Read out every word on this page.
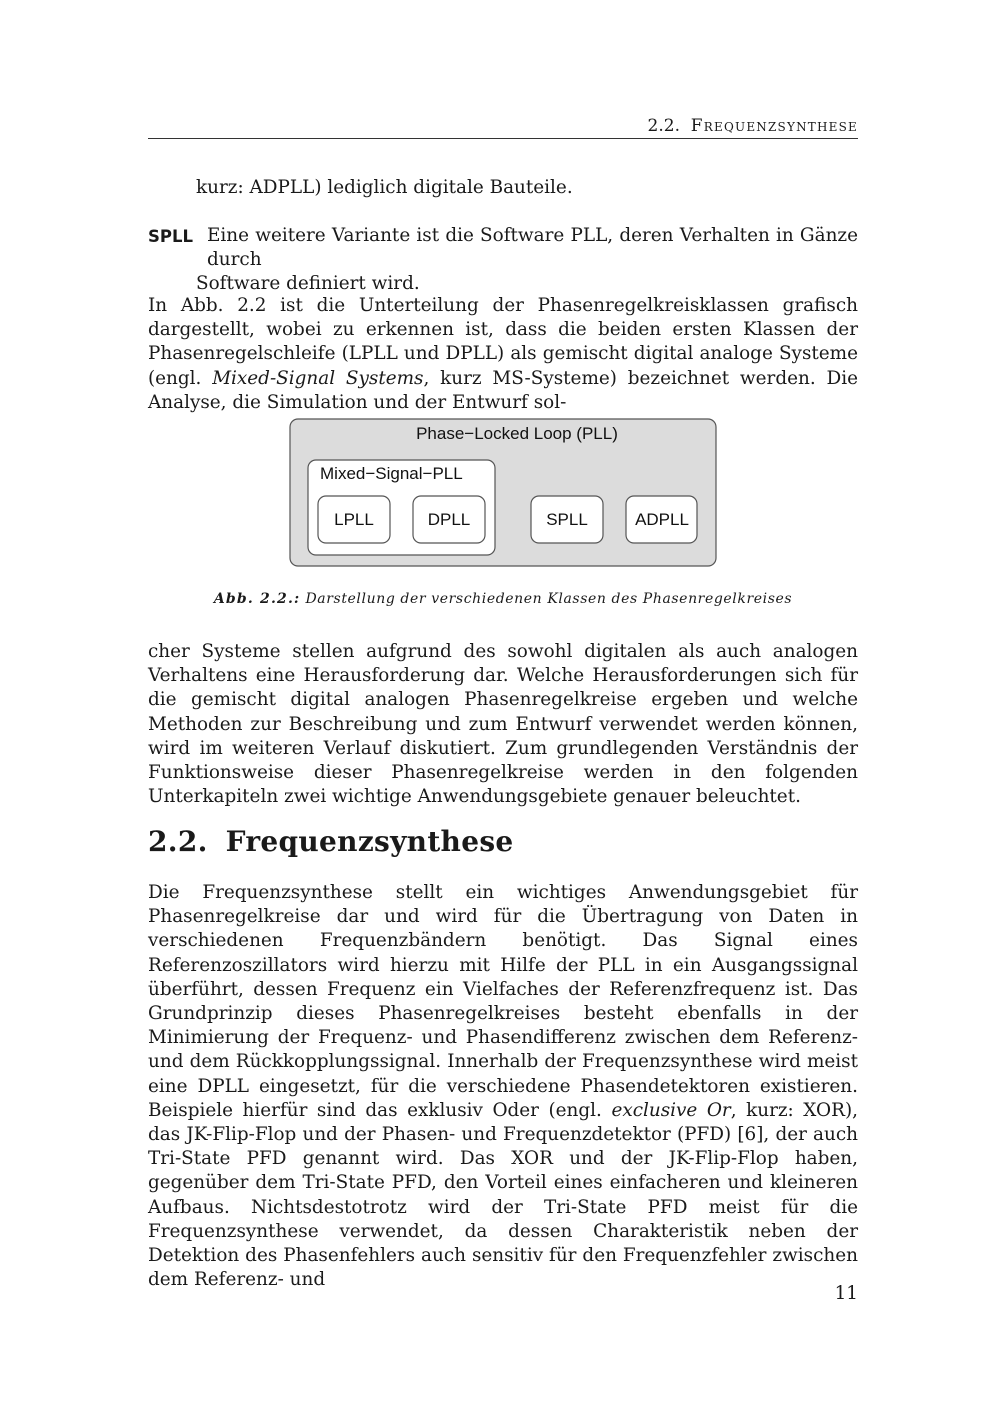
2.2. Frequenzsynthese
kurz: ADPLL) lediglich digitale Bauteile.
SPLL Eine weitere Variante ist die Software PLL, deren Verhalten in Gänze durch
Software definiert wird.

In Abb. 2.2 ist die Unterteilung der Phasenregelkreisklassen grafisch dargestellt, wobei zu erkennen ist, dass die beiden ersten Klassen der Phasenregelschleife (LPLL und DPLL) als gemischt digital analoge Systeme (engl. Mixed-Signal Systems, kurz MS-Systeme) bezeichnet werden. Die Analyse, die Simulation und der Entwurf sol-

Phase−Locked Loop (PLL)
Mixed−Signal−PLL
LPLL	DPLL	SPLL	ADPLL
Abb. 2.2.: Darstellung der verschiedenen Klassen des Phasenregelkreises

cher Systeme stellen aufgrund des sowohl digitalen als auch analogen Verhaltens eine Herausforderung dar. Welche Herausforderungen sich für die gemischt digital analogen Phasenregelkreise ergeben und welche Methoden zur Beschreibung und zum Entwurf verwendet werden können, wird im weiteren Verlauf diskutiert. Zum grundlegenden Verständnis der Funktionsweise dieser Phasenregelkreise werden in den folgenden Unterkapiteln zwei wichtige Anwendungsgebiete genauer beleuchtet.

2.2. Frequenzsynthese

Die Frequenzsynthese stellt ein wichtiges Anwendungsgebiet für Phasenregelkreise dar und wird für die Übertragung von Daten in verschiedenen Frequenzbändern benötigt. Das Signal eines Referenzoszillators wird hierzu mit Hilfe der PLL in ein Ausgangssignal überführt, dessen Frequenz ein Vielfaches der Referenzfrequenz ist. Das Grundprinzip dieses Phasenregelkreises besteht ebenfalls in der Minimierung der Frequenz- und Phasendifferenz zwischen dem Referenz- und dem Rückkopplungssignal. Innerhalb der Frequenzsynthese wird meist eine DPLL eingesetzt, für die verschiedene Phasendetektoren existieren. Beispiele hierfür sind das exklusiv Oder (engl. exclusive Or, kurz: XOR), das JK-Flip-Flop und der Phasen- und Frequenzdetektor (PFD) [6], der auch Tri-State PFD genannt wird. Das XOR und der JK-Flip-Flop haben, gegenüber dem Tri-State PFD, den Vorteil eines einfacheren und kleineren Aufbaus. Nichtsdestotrotz wird der Tri-State PFD meist für die Frequenzsynthese verwendet, da dessen Charakteristik neben der Detektion des Phasenfehlers auch sensitiv für den Frequenzfehler zwischen dem Referenz- und

11
